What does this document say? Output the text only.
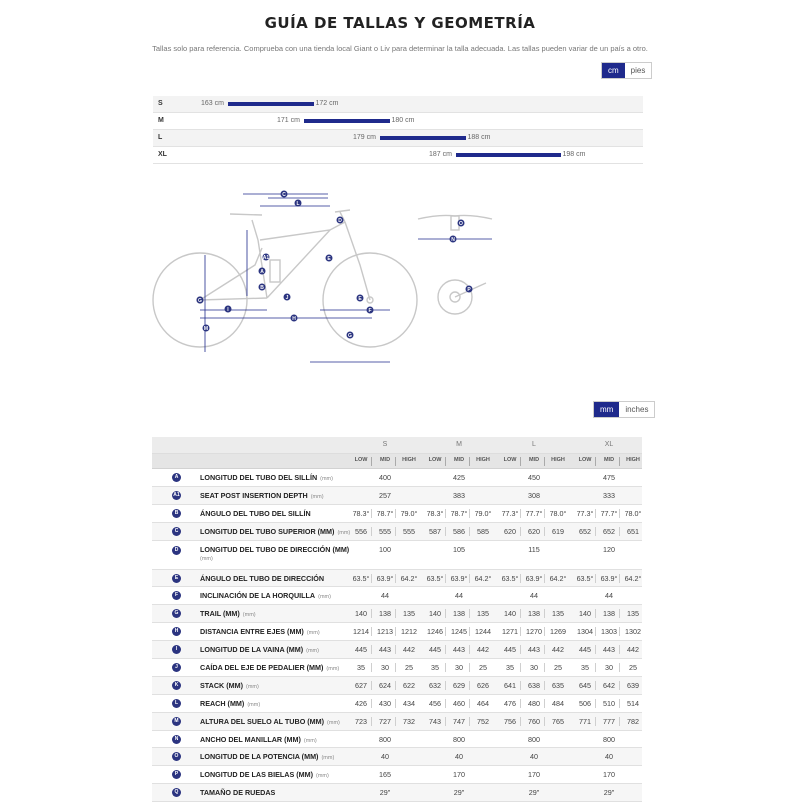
GUÍA DE TALLAS Y GEOMETRÍA
Tallas solo para referencia. Comprueba con una tienda local Giant o Liv para determinar la talla adecuada. Las tallas pueden variar de un país a otro.
cm	pies
S	163 cm	172 cm
M	171 cm	180 cm
L	179 cm	188 cm
XL	187 cm	198 cm
C
L
D
A
A1
B
J
G
I
H
E
E
F
M
G
O
N
P
mm	inches
S	M	L	XL
LOW	MID	HIGH LOW	MID	HIGH LOW	MID	HIGH LOW	MID	HIGH
A	LONGITUD DEL TUBO DEL SILLÍN (mm)	400	425	450	475
A1	SEAT POST INSERTION DEPTH (mm)	257	383	308	333
B	ÁNGULO DEL TUBO DEL SILLÍN	78.3° 78.7° 79.0°	78.3° 78.7° 79.0°	77.3° 77.7° 78.0°	77.3° 77.7° 78.0°
C	LONGITUD DEL TUBO SUPERIOR (MM) (mm) 556	555	555	587	586	585	620	620	619	652	652	651
D	LONGITUD DEL TUBO DE DIRECCIÓN (MM)
(mm)
100	105	115	120
E	ÁNGULO DEL TUBO DE DIRECCIÓN	63.5° 63.9° 64.2°	63.5° 63.9° 64.2°	63.5° 63.9° 64.2°	63.5° 63.9° 64.2°
F	INCLINACIÓN DE LA HORQUILLA (mm)	44	44	44	44
G	TRAIL (MM) (mm)	140	138	135	140	138	135	140	138	135	140	138	135
H	DISTANCIA ENTRE EJES (MM) (mm)	1214	1213	1212	1246	1245	1244	1271	1270	1269	1304	1303	1302
I	LONGITUD DE LA VAINA (MM) (mm)	445	443	442	445	443	442	445	443	442	445	443	442
J	CAÍDA DEL EJE DE PEDALIER (MM) (mm)	35	30	25	35	30	25	35	30	25	35	30	25
K	STACK (MM) (mm)	627	624	622	632	629	626	641	638	635	645	642	639
L	REACH (MM) (mm)	426	430	434	456	460	464	476	480	484	506	510	514
M	ALTURA DEL SUELO AL TUBO (MM) (mm)	723	727	732	743	747	752	756	760	765	771	777	782
N	ANCHO DEL MANILLAR (MM) (mm)	800	800	800	800
O	LONGITUD DE LA POTENCIA (MM) (mm)	40	40	40	40
P	LONGITUD DE LAS BIELAS (MM) (mm)	165	170	170	170
Q	TAMAÑO DE RUEDAS	29"	29"	29"	29"
